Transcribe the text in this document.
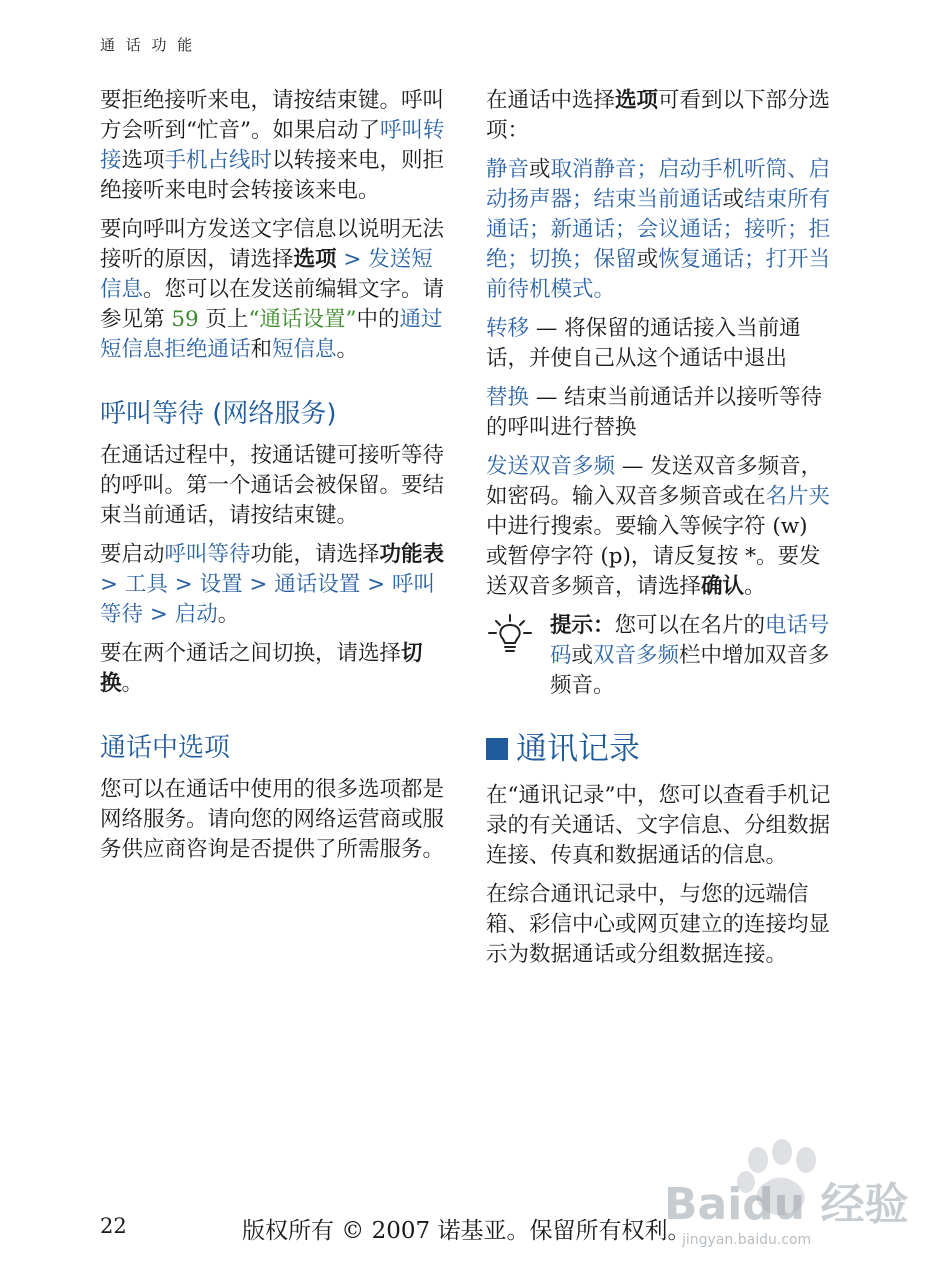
通 话 功 能

要拒绝接听来电，请按结束键。呼叫方会听到“忙音”。如果启动了呼叫转接选项手机占线时以转接来电，则拒绝接听来电时会转接该来电。

要向呼叫方发送文字信息以说明无法接听的原因，请选择选项 > 发送短信息。您可以在发送前编辑文字。请参见第 59 页上“通话设置”中的通过短信息拒绝通话和短信息。

呼叫等待 (网络服务)

在通话过程中，按通话键可接听等待的呼叫。第一个通话会被保留。要结束当前通话，请按结束键。

要启动呼叫等待功能，请选择功能表 > 工具 > 设置 > 通话设置 > 呼叫等待 > 启动。

要在两个通话之间切换，请选择切换。

通话中选项

您可以在通话中使用的很多选项都是网络服务。请向您的网络运营商或服务供应商咨询是否提供了所需服务。

在通话中选择选项可看到以下部分选项：

静音或取消静音；启动手机听筒、启动扬声器；结束当前通话或结束所有通话；新通话；会议通话；接听；拒绝；切换；保留或恢复通话；打开当前待机模式。

转移 — 将保留的通话接入当前通话，并使自己从这个通话中退出

替换 — 结束当前通话并以接听等待的呼叫进行替换

发送双音多频 — 发送双音多频音，如密码。输入双音多频音或在名片夹中进行搜索。要输入等候字符 (w) 或暂停字符 (p)，请反复按 *。要发送双音多频音，请选择确认。

提示：您可以在名片的电话号码或双音多频栏中增加双音多频音。

通讯记录

在“通讯记录”中，您可以查看手机记录的有关通话、文字信息、分组数据连接、传真和数据通话的信息。

在综合通讯记录中，与您的远端信箱、彩信中心或网页建立的连接均显示为数据通话或分组数据连接。

Baidu 经验
jingyan.baidu.com
22	版权所有 © 2007 诺基亚。保留所有权利。
